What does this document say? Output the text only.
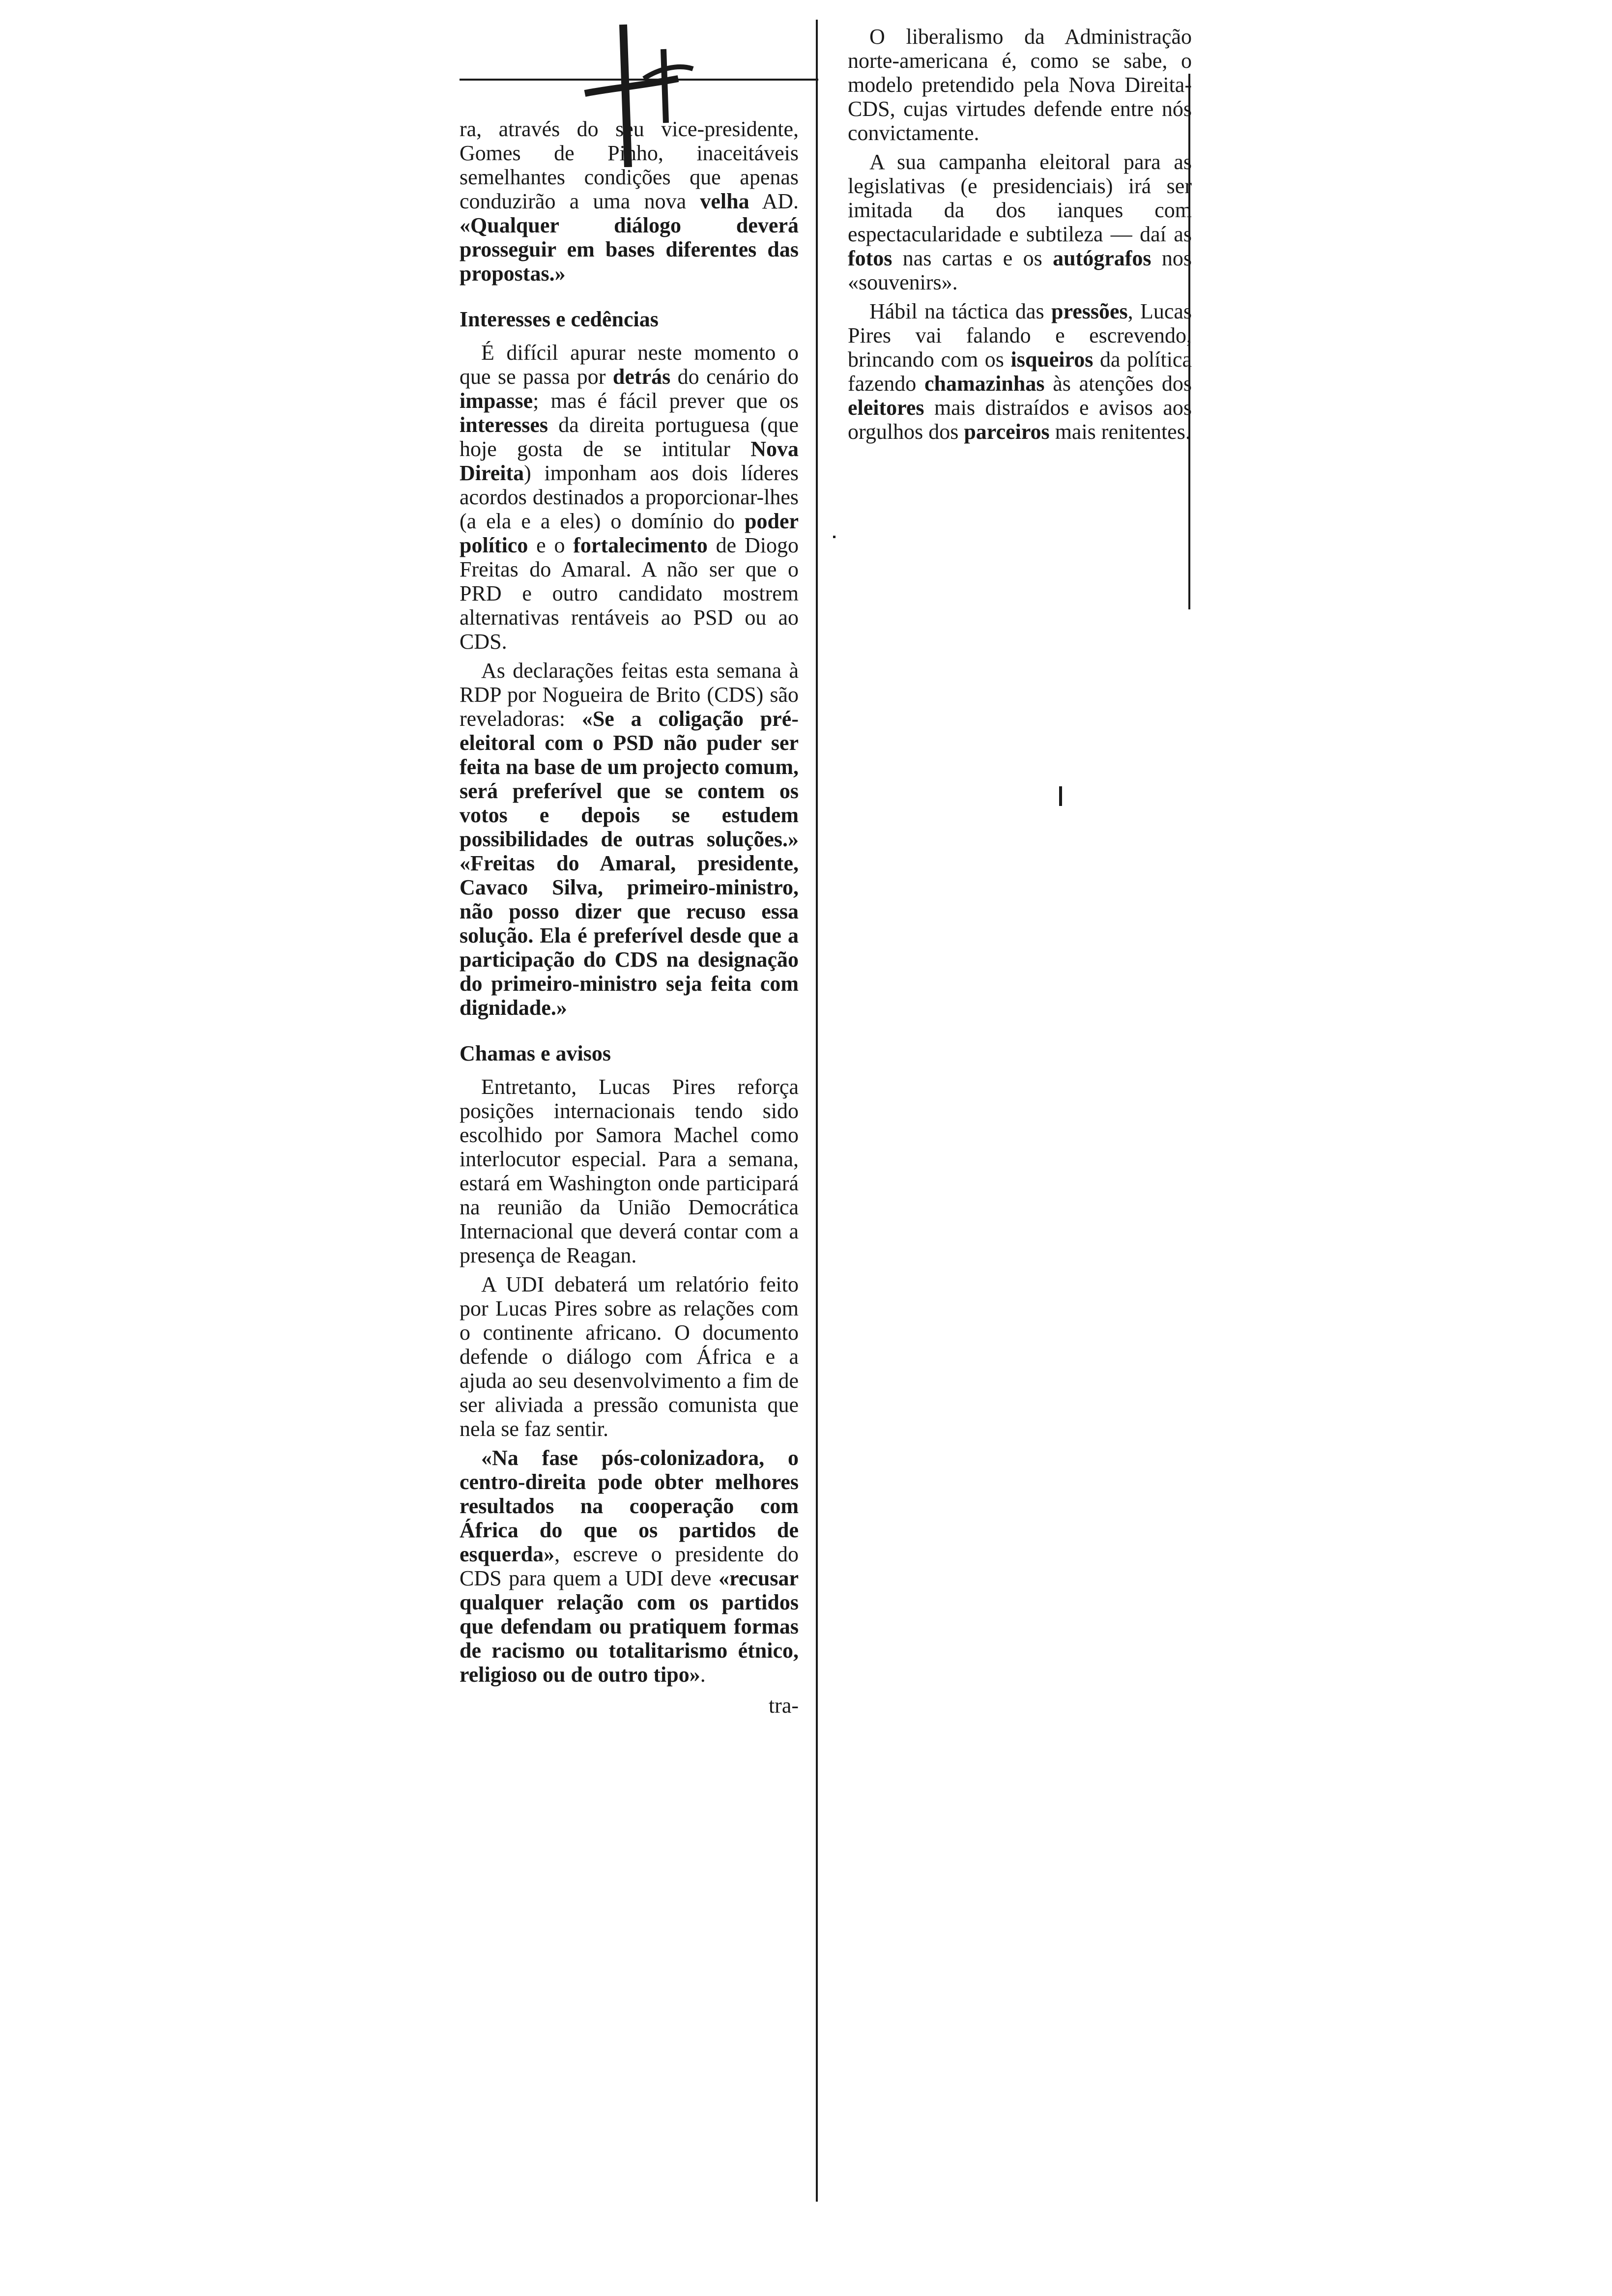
ra, através do seu vice-presidente, Gomes de Pinho, inaceitáveis semelhantes condições que apenas conduzirão a uma nova velha AD. «Qualquer diálogo deverá prosseguir em bases diferentes das propostas.»

Interesses e cedências

É difícil apurar neste momento o que se passa por detrás do cenário do impasse; mas é fácil prever que os interesses da direita portuguesa (que hoje gosta de se intitular Nova Direita) imponham aos dois líderes acordos destinados a proporcionar-lhes (a ela e a eles) o domínio do poder político e o fortalecimento de Diogo Freitas do Amaral. A não ser que o PRD e outro candidato mostrem alternativas rentáveis ao PSD ou ao CDS.

As declarações feitas esta semana à RDP por Nogueira de Brito (CDS) são reveladoras: «Se a coligação pré-eleitoral com o PSD não puder ser feita na base de um projecto comum, será preferível que se contem os votos e depois se estudem possibilidades de outras soluções.» «Freitas do Amaral, presidente, Cavaco Silva, primeiro-ministro, não posso dizer que recuso essa solução. Ela é preferível desde que a participação do CDS na designação do primeiro-ministro seja feita com dignidade.»

Chamas e avisos

Entretanto, Lucas Pires reforça posições internacionais tendo sido escolhido por Samora Machel como interlocutor especial. Para a semana, estará em Washington onde participará na reunião da União Democrática Internacional que deverá contar com a presença de Reagan.

A UDI debaterá um relatório feito por Lucas Pires sobre as relações com o continente africano. O documento defende o diálogo com África e a ajuda ao seu desenvolvimento a fim de ser aliviada a pressão comunista que nela se faz sentir.

«Na fase pós-colonizadora, o centro-direita pode obter melhores resultados na cooperação com África do que os partidos de esquerda», escreve o presidente do CDS para quem a UDI deve «recusar qualquer relação com os partidos que defendam ou pratiquem formas de racismo ou totalitarismo étnico, religioso ou de outro tipo».

tra-

O liberalismo da Administração norte-americana é, como se sabe, o modelo pretendido pela Nova Direita-CDS, cujas virtudes defende entre nós convictamente.

A sua campanha eleitoral para as legislativas (e presidenciais) irá ser imitada da dos ianques com espectacularidade e subtileza — daí as fotos nas cartas e os autógrafos nos «souvenirs».

Hábil na táctica das pressões, Lucas Pires vai falando e escrevendo, brincando com os isqueiros da política fazendo chamazinhas às atenções dos eleitores mais distraídos e avisos aos orgulhos dos parceiros mais renitentes.
